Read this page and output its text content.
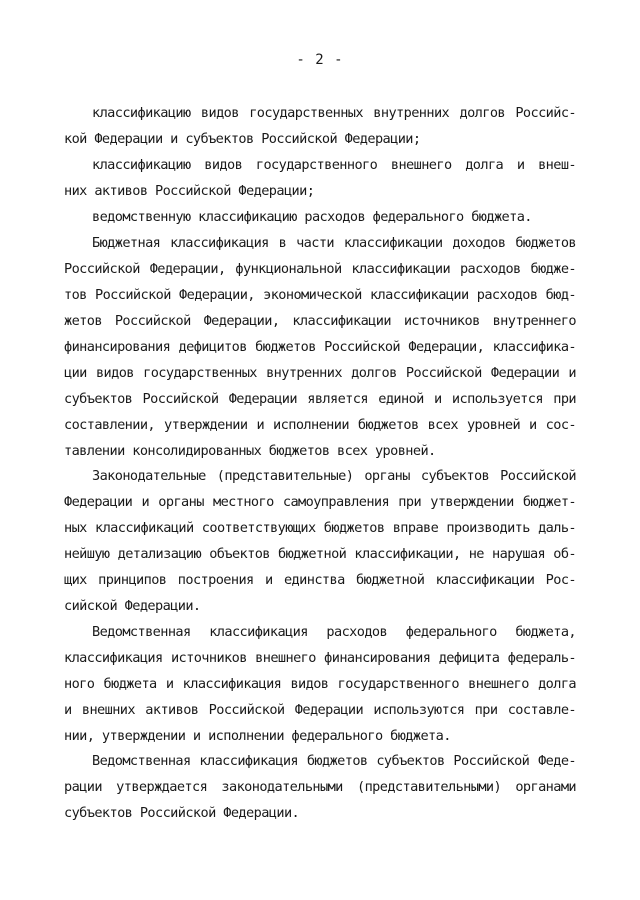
- 2 -
классификацию видов государственных внутренних долгов Российс-
кой Федерации и субъектов Российской Федерации;
классификацию видов государственного внешнего долга и внеш-
них активов Российской Федерации;
ведомственную классификацию расходов федерального бюджета.
Бюджетная классификация в части классификации доходов бюджетов
Российской Федерации, функциональной классификации расходов бюдже-
тов Российской Федерации, экономической классификации расходов бюд-
жетов Российской Федерации, классификации источников внутреннего
финансирования дефицитов бюджетов Российской Федерации, классифика-
ции видов государственных внутренних долгов Российской Федерации и
субъектов Российской Федерации является единой и используется при
составлении, утверждении и исполнении бюджетов всех уровней и сос-
тавлении консолидированных бюджетов всех уровней.
Законодательные (представительные) органы субъектов Российской
Федерации и органы местного самоуправления при утверждении бюджет-
ных классификаций соответствующих бюджетов вправе производить даль-
нейшую детализацию объектов бюджетной классификации, не нарушая об-
щих принципов построения и единства бюджетной классификации Рос-
сийской Федерации.
Ведомственная классификация расходов федерального бюджета,
классификация источников внешнего финансирования дефицита федераль-
ного бюджета и классификация видов государственного внешнего долга
и внешних активов Российской Федерации используются при составле-
нии, утверждении и исполнении федерального бюджета.
Ведомственная классификация бюджетов субъектов Российской Феде-
рации утверждается законодательными (представительными) органами
субъектов Российской Федерации.
